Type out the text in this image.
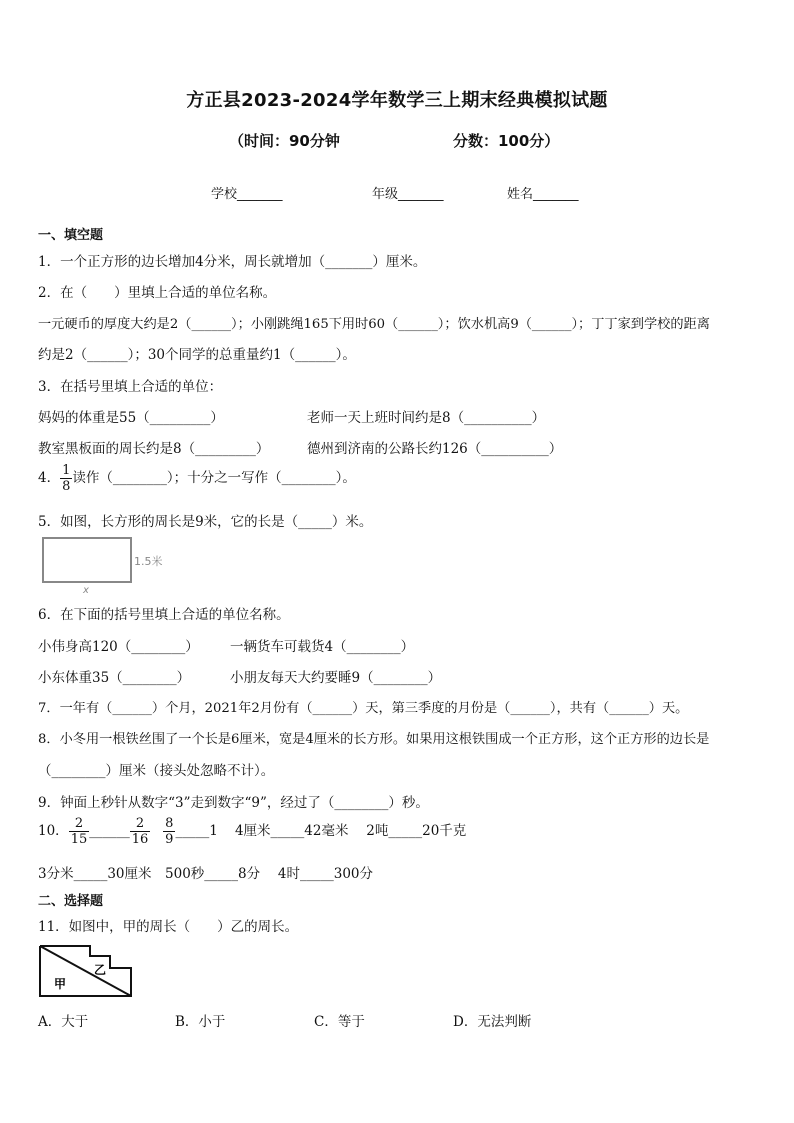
方正县2023-2024学年数学三上期末经典模拟试题
（时间：90分钟	分数：100分）
学校_______	年级_______	姓名_______
一、填空题
1．一个正方形的边长增加4分米，周长就增加（_______）厘米。
2．在（　　）里填上合适的单位名称。
一元硬币的厚度大约是2（______）；小刚跳绳165下用时60（______）；饮水机高9（______）；丁丁家到学校的距离
约是2（______）；30个同学的总重量约1（______）。
3．在括号里填上合适的单位：
妈妈的体重是55（_________）	老师一天上班时间约是8（__________）
教室黑板面的周长约是8（_________）	德州到济南的公路长约126（__________）
4． $\frac{1}{8}$ 读作（________）；十分之一写作（________）。
5．如图，长方形的周长是9米，它的长是（_____）米。
1.5米
x
6．在下面的括号里填上合适的单位名称。
小伟身高120（________） 一辆货车可载货4（________）
小东体重35（________）	小朋友每天大约要睡9（________）
7．一年有（______）个月，2021年2月份有（______）天，第三季度的月份是（______），共有（______）天。
8．小冬用一根铁丝围了一个长是6厘米，宽是4厘米的长方形。如果用这根铁围成一个正方形，这个正方形的边长是
（________）厘米（接头处忽略不计）。
9．钟面上秒针从数字“3”走到数字“9”，经过了（________）秒。
10． $\frac{2}{15}$ ______ $\frac{2}{16}$
$\frac{8}{9}$ _____1 4厘米_____42毫米　 2吨_____20千克
3分米_____30厘米　500秒_____8分　 4时_____300分
二、选择题
11．如图中，甲的周长（　　）乙的周长。
甲
乙
A．大于	B．小于	C．等于	D．无法判断
